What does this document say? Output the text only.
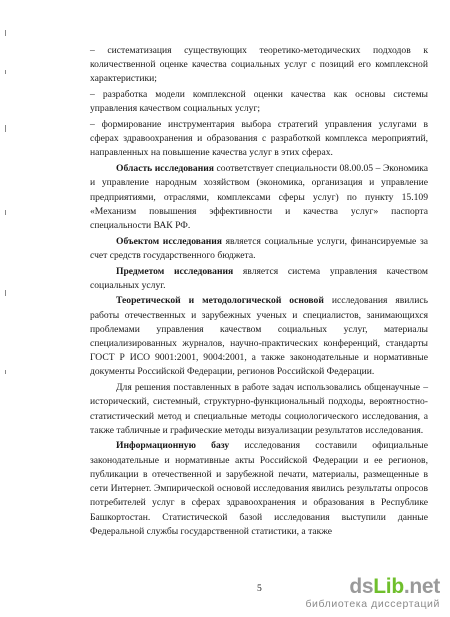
– систематизация существующих теоретико-методических подходов к количественной оценке качества социальных услуг с позиций его комплексной характеристики;

– разработка модели комплексной оценки качества как основы системы управления качеством социальных услуг;

– формирование инструментария выбора стратегий управления услугами в сферах здравоохранения и образования с разработкой комплекса мероприятий, направленных на повышение качества услуг в этих сферах.

Область исследования соответствует специальности 08.00.05 – Экономика и управление народным хозяйством (экономика, организация и управление предприятиями, отраслями, комплексами сферы услуг) по пункту 15.109 «Механизм повышения эффективности и качества услуг» паспорта специальности ВАК РФ.

Объектом исследования является социальные услуги, финансируемые за счет средств государственного бюджета.

Предметом исследования является система управления качеством социальных услуг.

Теоретической и методологической основой исследования явились работы отечественных и зарубежных ученых и специалистов, занимающихся проблемами управления качеством социальных услуг, материалы специализированных журналов, научно-практических конференций, стандарты ГОСТ Р ИСО 9001:2001, 9004:2001, а также законодательные и нормативные документы Российской Федерации, регионов Российской Федерации.

Для решения поставленных в работе задач использовались общенаучные – исторический, системный, структурно-функциональный подходы, вероятностно-статистический метод и специальные методы социологического исследования, а также табличные и графические методы визуализации результатов исследования.

Информационную базу исследования составили официальные законодательные и нормативные акты Российской Федерации и ее регионов, публикации в отечественной и зарубежной печати, материалы, размещенные в сети Интернет. Эмпирической основой исследования явились результаты опросов потребителей услуг в сферах здравоохранения и образования в Республике Башкортостан. Статистической базой исследования выступили данные Федеральной службы государственной статистики, а также

5	dsLib.net
библиотека диссертаций
